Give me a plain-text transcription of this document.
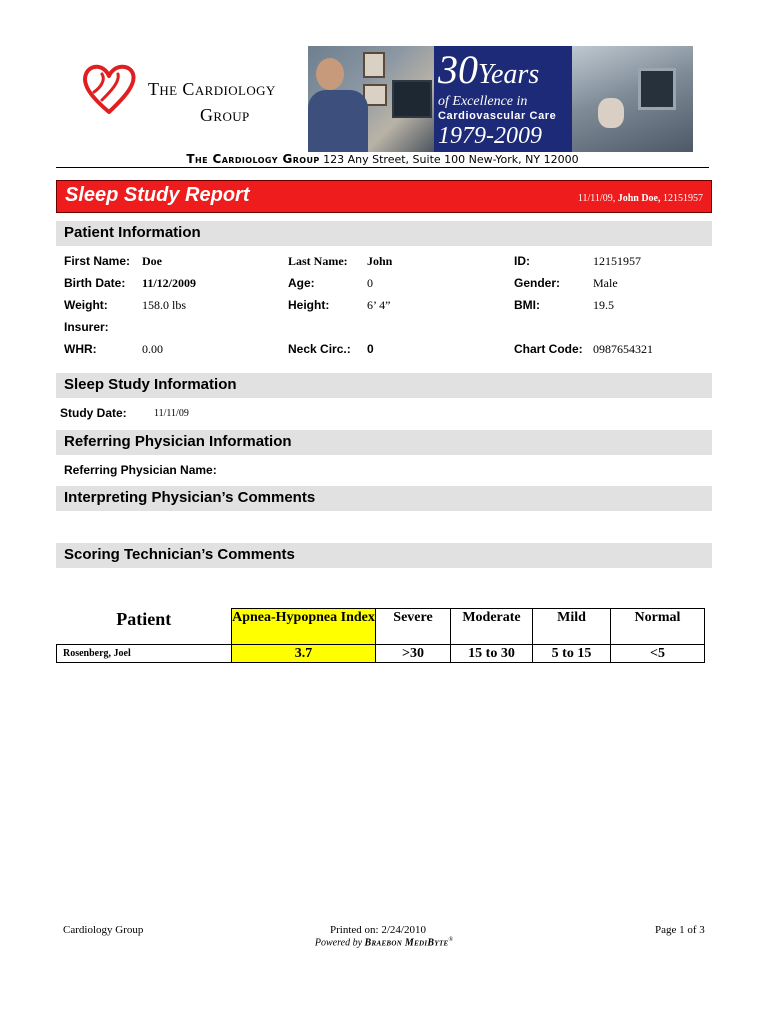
The Cardiology
Group
30Years
of Excellence in
Cardiovascular Care
1979-2009
The Cardiology Group 123 Any Street, Suite 100 New-York, NY 12000
Sleep Study Report	11/11/09, John Doe, 12151957
Patient Information
First Name: Doe	Last Name: John	ID:	12151957
Birth Date: 11/12/2009	Age:	0	Gender:	Male
Weight:	158.0 lbs	Height:	6’ 4”	BMI:	19.5
Insurer:
WHR:	0.00	Neck Circ.: 0	Chart Code: 0987654321
Sleep Study Information
Study Date:	11/11/09
Referring Physician Information
Referring Physician Name:
Interpreting Physician’s Comments
Scoring Technician’s Comments
Patient	Apnea-Hypopnea Index	Severe	Moderate	Mild	Normal
Rosenberg, Joel	3.7	>30	15 to 30	5 to 15	<5
Cardiology Group	Printed on: 2/24/2010	Page 1 of 3
Powered by Braebon MediByte®
